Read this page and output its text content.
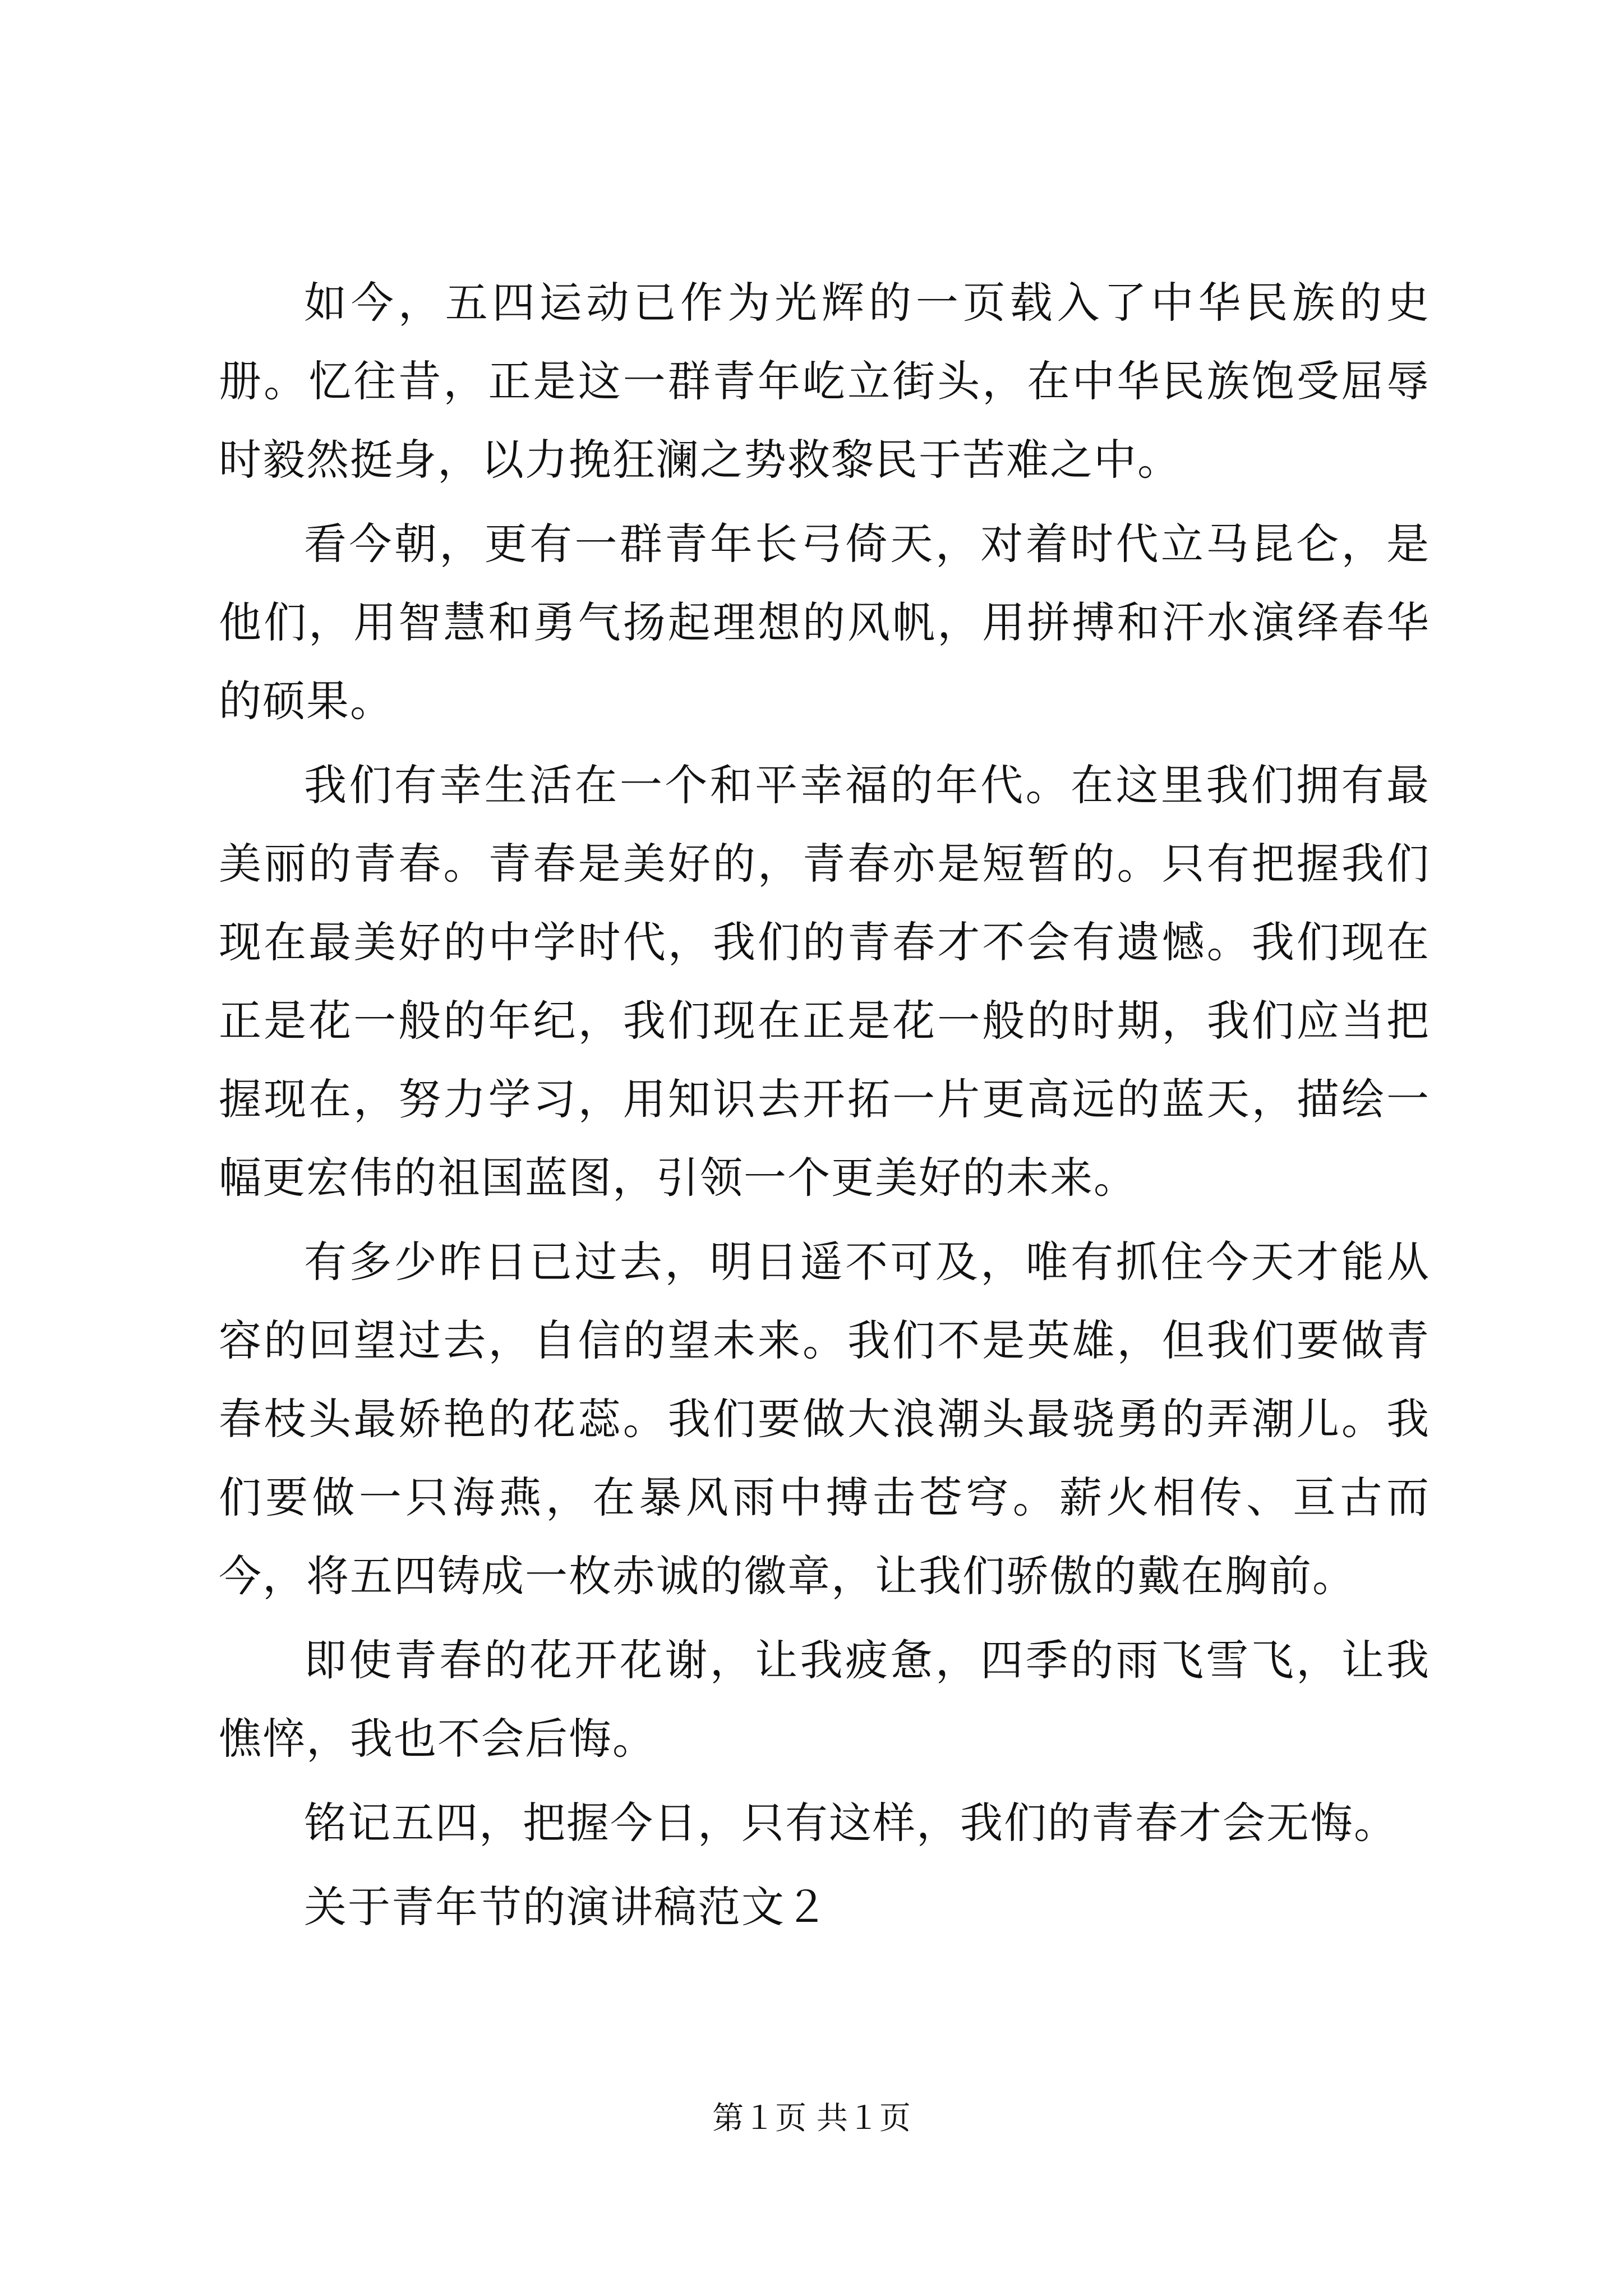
如今，五四运动已作为光辉的一页载入了中华民族的史册。忆往昔，正是这一群青年屹立街头，在中华民族饱受屈辱时毅然挺身，以力挽狂澜之势救黎民于苦难之中。

看今朝，更有一群青年长弓倚天，对着时代立马昆仑，是他们，用智慧和勇气扬起理想的风帆，用拼搏和汗水演绎春华的硕果。

我们有幸生活在一个和平幸福的年代。在这里我们拥有最美丽的青春。青春是美好的，青春亦是短暂的。只有把握我们现在最美好的中学时代，我们的青春才不会有遗憾。我们现在正是花一般的年纪，我们现在正是花一般的时期，我们应当把握现在，努力学习，用知识去开拓一片更高远的蓝天，描绘一幅更宏伟的祖国蓝图，引领一个更美好的未来。

有多少昨日已过去，明日遥不可及，唯有抓住今天才能从容的回望过去，自信的望未来。我们不是英雄，但我们要做青春枝头最娇艳的花蕊。我们要做大浪潮头最骁勇的弄潮儿。我们要做一只海燕，在暴风雨中搏击苍穹。薪火相传、亘古而今，将五四铸成一枚赤诚的徽章，让我们骄傲的戴在胸前。

即使青春的花开花谢，让我疲惫，四季的雨飞雪飞，让我憔悴，我也不会后悔。

铭记五四，把握今日，只有这样，我们的青春才会无悔。

关于青年节的演讲稿范文２

第１页 共１页
